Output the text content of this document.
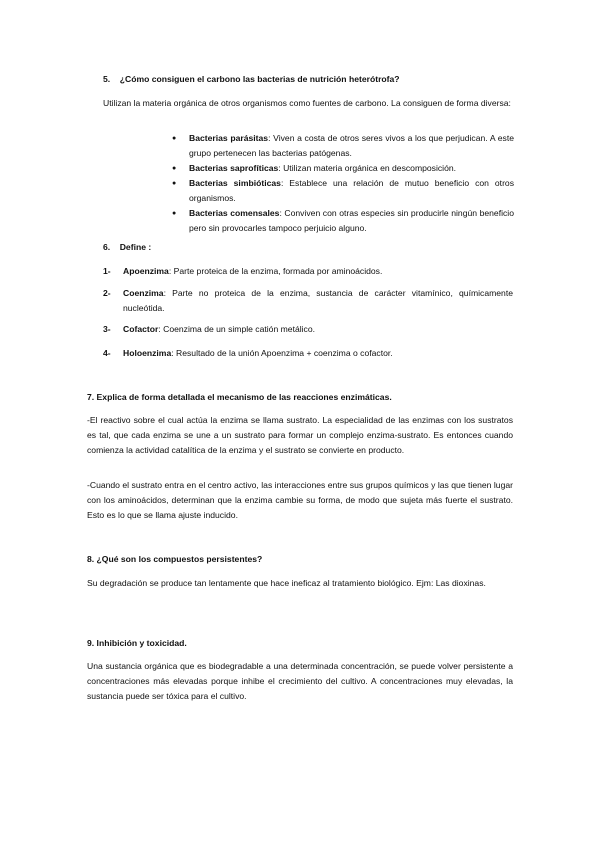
5. ¿Cómo consiguen el carbono las bacterias de nutrición heterótrofa?

Utilizan la materia orgánica de otros organismos como fuentes de carbono. La consiguen de forma diversa:

● Bacterias parásitas: Viven a costa de otros seres vivos a los que perjudican. A este grupo pertenecen las bacterias patógenas.
● Bacterias saprofíticas: Utilizan materia orgánica en descomposición.
● Bacterias simbióticas: Establece una relación de mutuo beneficio con otros organismos.
● Bacterias comensales: Conviven con otras especies sin producirle ningún beneficio pero sin provocarles tampoco perjuicio alguno.

6.    Define :

1-	Apoenzima: Parte proteica de la enzima, formada por aminoácidos.

2-	Coenzima: Parte no proteica de la enzima, sustancia de carácter vitamínico, químicamente nucleótida.

3-	Cofactor: Coenzima de un simple catión metálico.

4-	Holoenzima: Resultado de la unión Apoenzima + coenzima o cofactor.

7. Explica de forma detallada el mecanismo de las reacciones enzimáticas.

-El reactivo sobre el cual actúa la enzima se llama sustrato. La especialidad de las enzimas con los sustratos es tal, que cada enzima se une a un sustrato para formar un complejo enzima-sustrato. Es entonces cuando comienza la actividad catalítica de la enzima y el sustrato se convierte en producto.

-Cuando el sustrato entra en el centro activo, las interacciones entre sus grupos químicos y las que tienen lugar con los aminoácidos, determinan que la enzima cambie su forma, de modo que sujeta más fuerte el sustrato. Esto es lo que se llama ajuste inducido.

8. ¿Qué son los compuestos persistentes?

Su degradación se produce tan lentamente que hace ineficaz al tratamiento biológico. Ejm: Las dioxinas.

9. Inhibición y toxicidad.

Una sustancia orgánica que es biodegradable a una determinada concentración, se puede volver persistente a concentraciones más elevadas porque inhibe el crecimiento del cultivo. A concentraciones muy elevadas, la sustancia puede ser tóxica para el cultivo.
